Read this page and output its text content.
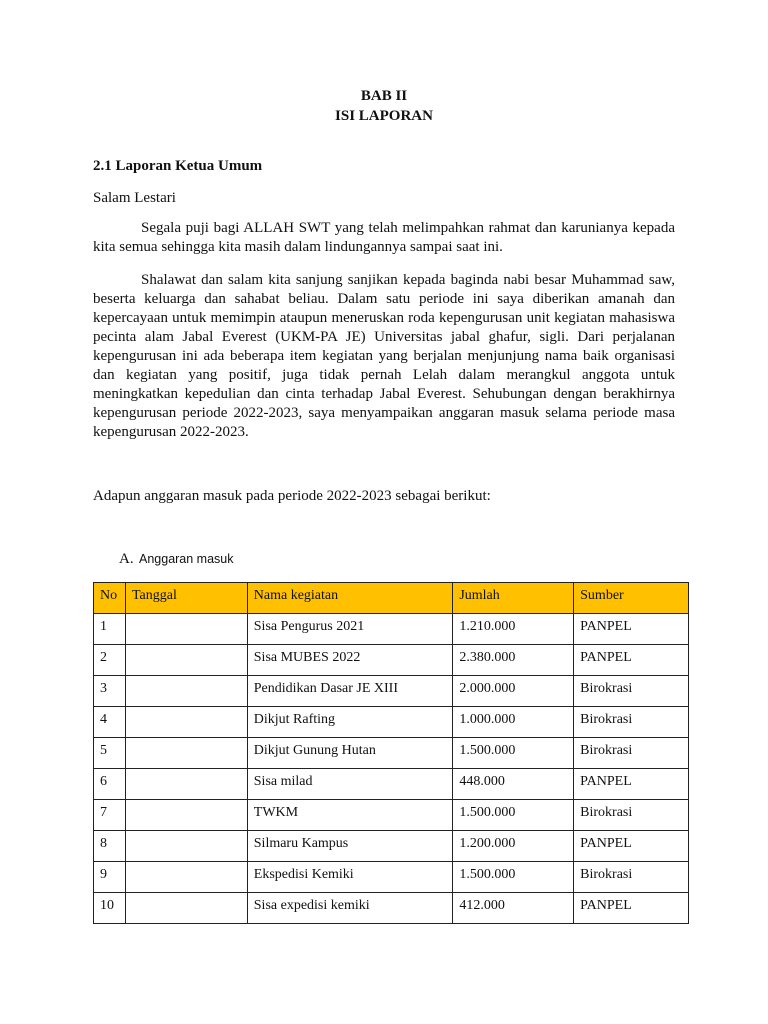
BAB II
ISI LAPORAN
2.1 Laporan Ketua Umum
Salam Lestari

Segala puji bagi ALLAH SWT yang telah melimpahkan rahmat dan karunianya kepada kita semua sehingga kita masih dalam lindungannya sampai saat ini.

Shalawat dan salam kita sanjung sanjikan kepada baginda nabi besar Muhammad saw, beserta keluarga dan sahabat beliau. Dalam satu periode ini saya diberikan amanah dan kepercayaan untuk memimpin ataupun meneruskan roda kepengurusan unit kegiatan mahasiswa pecinta alam Jabal Everest (UKM-PA JE) Universitas jabal ghafur, sigli. Dari perjalanan kepengurusan ini ada beberapa item kegiatan yang berjalan menjunjung nama baik organisasi dan kegiatan yang positif, juga tidak pernah Lelah dalam merangkul anggota untuk meningkatkan kepedulian dan cinta terhadap Jabal Everest. Sehubungan dengan berakhirnya kepengurusan periode 2022-2023, saya menyampaikan anggaran masuk selama periode masa kepengurusan 2022-2023.

Adapun anggaran masuk pada periode 2022-2023 sebagai berikut:
A. Anggaran masuk
No	Tanggal	Nama kegiatan	Jumlah	Sumber
1		Sisa Pengurus 2021	1.210.000	PANPEL
2		Sisa MUBES 2022	2.380.000	PANPEL
3		Pendidikan Dasar JE XIII	2.000.000	Birokrasi
4		Dikjut Rafting	1.000.000	Birokrasi
5		Dikjut Gunung Hutan	1.500.000	Birokrasi
6		Sisa milad	448.000	PANPEL
7		TWKM	1.500.000	Birokrasi
8		Silmaru Kampus	1.200.000	PANPEL
9		Ekspedisi Kemiki	1.500.000	Birokrasi
10		Sisa expedisi kemiki	412.000	PANPEL
